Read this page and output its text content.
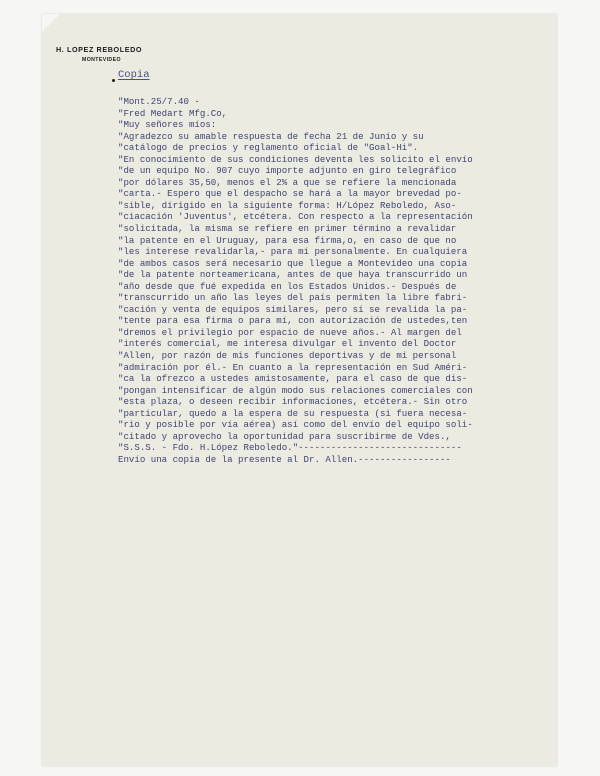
H. LOPEZ REBOLEDO
MONTEVIDEO
Copia
"Mont.25/7.40 -
"Fred Medart Mfg.Co,
"Muy señores míos:
"Agradezco su amable respuesta de fecha 21 de Junio y su
"catálogo de precios y reglamento oficial de "Goal-Hi".
"En conocimiento de sus condiciones deventa les solicito el envío
"de un equipo No. 907 cuyo importe adjunto en giro telegráfico
"por dólares 35,50, menos el 2% a que se refiere la mencionada
"carta.- Espero que el despacho se hará a la mayor brevedad po-
"sible, dirigido en la siguiente forma: H/López Reboledo, Aso-
"ciacación 'Juventus', etcétera. Con respecto a la representación
"solicitada, la misma se refiere en primer término a revalidar
"la patente en el Uruguay, para esa firma,o, en caso de que no
"les interese revalidarla,- para mí personalmente. En cualquiera
"de ambos casos será necesario que llegue a Montevideo una copia
"de la patente norteamericana, antes de que haya transcurrido un
"año desde que fué expedida en los Estados Unidos.- Después de
"transcurrido un año las leyes del país permiten la libre fabri-
"cación y venta de equipos similares, pero si se revalida la pa-
"tente para esa firma o para mí, con autorización de ustedes,ten
"dremos el privilegio por espacio de nueve años.- Al margen del
"interés comercial, me interesa divulgar el invento del Doctor
"Allen, por razón de mis funciones deportivas y de mi personal
"admiración por él.- En cuanto a la representación en Sud Améri-
"ca la ofrezco a ustedes amistosamente, para el caso de que dis-
"pongan intensificar de algún modo sus relaciones comerciales con
"esta plaza, o deseen recibir informaciones, etcétera.- Sin otro
"particular, quedo a la espera de su respuesta (si fuera necesa-
"rio y posible por vía aérea) así como del envío del equipo soli-
"citado y aprovecho la oportunidad para suscribirme de Vdes.,
"S.S.S. - Fdo. H.López Reboledo."------------------------------
Envío una copia de la presente al Dr. Allen.-----------------
